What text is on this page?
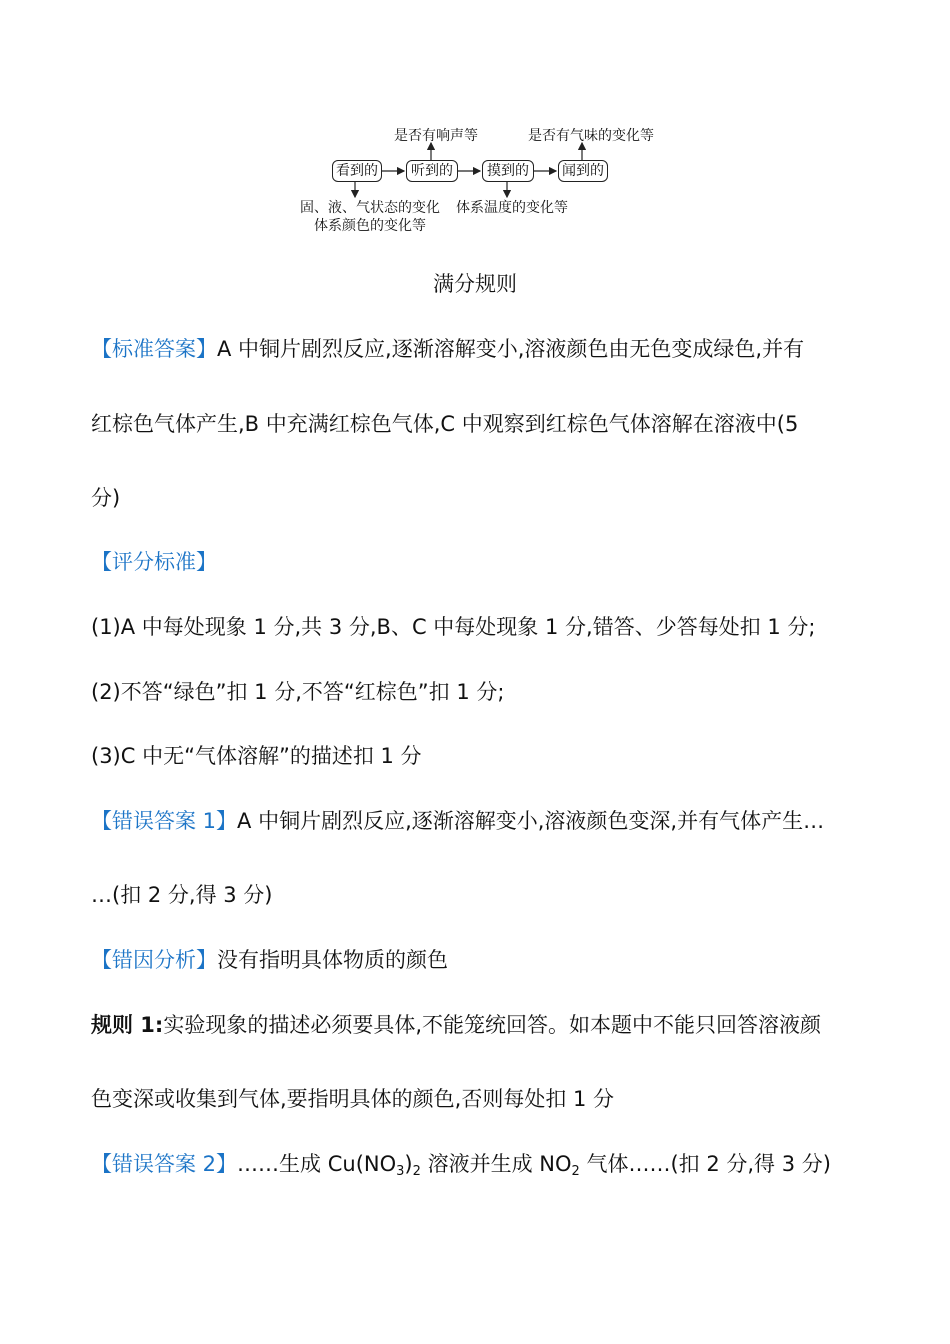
是否有响声等	是否有气味的变化等
看到的	听到的	摸到的	闻到的
固、液、气状态的变化
体系颜色的变化等
体系温度的变化等
满分规则
【标准答案】A 中铜片剧烈反应,逐渐溶解变小,溶液颜色由无色变成绿色,并有
红棕色气体产生,B 中充满红棕色气体,C 中观察到红棕色气体溶解在溶液中(5
分)
【评分标准】
(1)A 中每处现象 1 分,共 3 分,B、C 中每处现象 1 分,错答、少答每处扣 1 分;
(2)不答“绿色”扣 1 分,不答“红棕色”扣 1 分;
(3)C 中无“气体溶解”的描述扣 1 分
【错误答案 1】A 中铜片剧烈反应,逐渐溶解变小,溶液颜色变深,并有气体产生…
…(扣 2 分,得 3 分)
【错因分析】没有指明具体物质的颜色
规则 1:实验现象的描述必须要具体,不能笼统回答。如本题中不能只回答溶液颜
色变深或收集到气体,要指明具体的颜色,否则每处扣 1 分
【错误答案 2】……生成 $Cu(NO_3)_2$ 溶液并生成 $NO_2$ 气体……(扣 2 分,得 3 分)
